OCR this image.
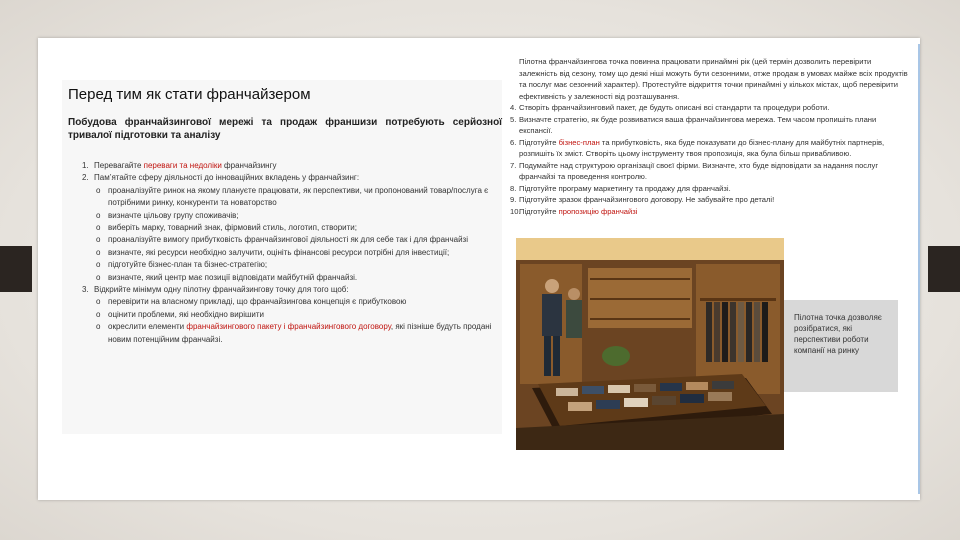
Перед тим як стати франчайзером
Побудова франчайзингової мережі та продаж франшизи потребують серйозної тривалої підготовки та аналізу
1. Перевагайте переваги та недоліки франчайзингу
2. Пам’ятайте сферу діяльності до інноваційних вкладень у франчайзинг:
o проаналізуйте ринок на якому плануєте працювати, як перспективи, чи пропонований товар/послуга є потрібними ринку, конкуренти та новаторство
o визначте цільову групу споживачів;
o виберіть марку, товарний знак, фірмовий стиль, логотип, створити;
o проаналізуйте вимогу прибутковість франчайзингової діяльності як для себе так і для франчайзі
o визначте, які ресурси необхідно залучити, оцініть фінансові ресурси потрібні для інвестиції;
o підготуйте бізнес-план та бізнес-стратегію;
o визначте, який центр має позиції відповідати майбутній франчайзі.
3. Відкрийте мінімум одну пілотну франчайзингову точку для того щоб:
o перевірити на власному прикладі, що франчайзингова концепція є прибутковою
o оцінити проблеми, які необхідно вирішити
o окреслити елементи франчайзингового пакету і франчайзингового договору, які пізніше будуть продані новим потенційним франчайзі.
Пілотна франчайзингова точка повинна працювати принаймні рік (цей термін дозволить перевірити залежність від сезону, тому що деякі ніші можуть бути сезонними, отже продаж в умовах майже всіх продуктів та послуг має сезонний характер). Протестуйте відкриття точки принаймні у кількох містах, щоб перевірити ефективність у залежності від розташування.
4. Створіть франчайзинговий пакет, де будуть описані всі стандарти та процедури роботи.
5. Визначте стратегію, як буде розвиватися ваша франчайзингова мережа. Тем часом пропишіть плани експансії.
6. Підготуйте бізнес-план та прибутковість, яка буде показувати до бізнес-плану для майбутніх партнерів, розпишіть їх зміст. Створіть цьому інструменту твоя пропозиція, яка була більш привабливою.
7. Подумайте над структурою організації своєї фірми. Визначте, хто буде відповідати за надання послуг франчайзі та проведення контролю.
8. Підготуйте програму маркетингу та продажу для франчайзі.
9. Підготуйте зразок франчайзингового договору. Не забувайте про деталі!
10.
Підготуйте пропозицію франчайзі
Пілотна точка дозволяє розібратися, які перспективи роботи компанії на ринку
